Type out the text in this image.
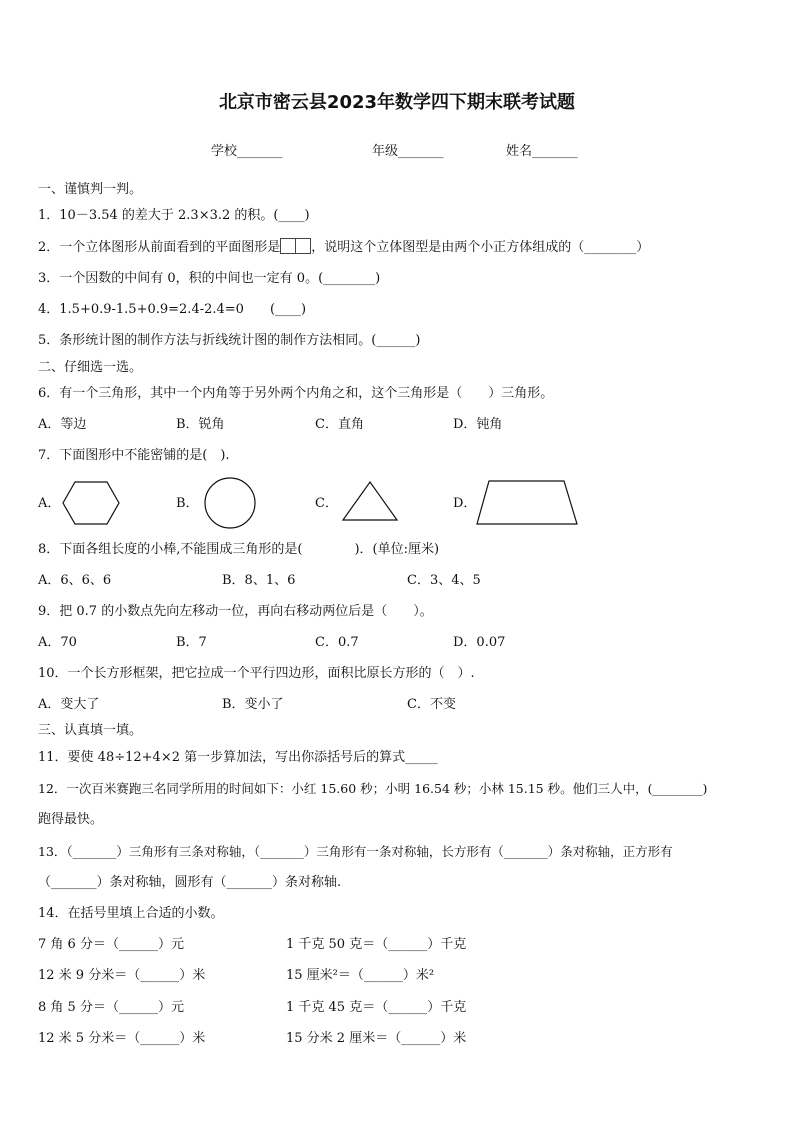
北京市密云县2023年数学四下期末联考试题
学校_______	年级_______	姓名_______
一、谨慎判一判。
1．10－3.54 的差大于 2.3×3.2 的积。(____)
2．一个立体图形从前面看到的平面图形是 ，说明这个立体图型是由两个小正方体组成的（________）
3．一个因数的中间有 0，积的中间也一定有 0。(________)
4．1.5+0.9-1.5+0.9=2.4-2.4=0　　(____)
5．条形统计图的制作方法与折线统计图的制作方法相同。(______)
二、仔细选一选。
6．有一个三角形，其中一个内角等于另外两个内角之和，这个三角形是（　　）三角形。
A．等边	B．锐角	C．直角	D．钝角
7．下面图形中不能密铺的是(　).
A．	B．	C．	D．
8．下面各组长度的小棒,不能围成三角形的是(　　　　)．(单位:厘米)
A．6、6、6	B．8、1、6	C．3、4、5
9．把 0.7 的小数点先向左移动一位，再向右移动两位后是（　　）。
A．70	B．7	C．0.7	D．0.07
10．一个长方形框架，把它拉成一个平行四边形，面积比原长方形的（　）.
A．变大了	B．变小了	C．不变
三、认真填一填。
11．要使 48÷12+4×2 第一步算加法，写出你添括号后的算式_____
12．一次百米赛跑三名同学所用的时间如下：小红 15.60 秒；小明 16.54 秒；小林 15.15 秒。他们三人中，(________)
跑得最快。
13．（_______）三角形有三条对称轴，（_______）三角形有一条对称轴，长方形有（_______）条对称轴，正方形有
（_______）条对称轴，圆形有（_______）条对称轴.
14．在括号里填上合适的小数。
7 角 6 分＝（______）元	1 千克 50 克＝（______）千克
12 米 9 分米＝（______）米	15 厘米²＝（______）米²
8 角 5 分＝（______）元	1 千克 45 克＝（______）千克
12 米 5 分米＝（______）米	15 分米 2 厘米＝（______）米
